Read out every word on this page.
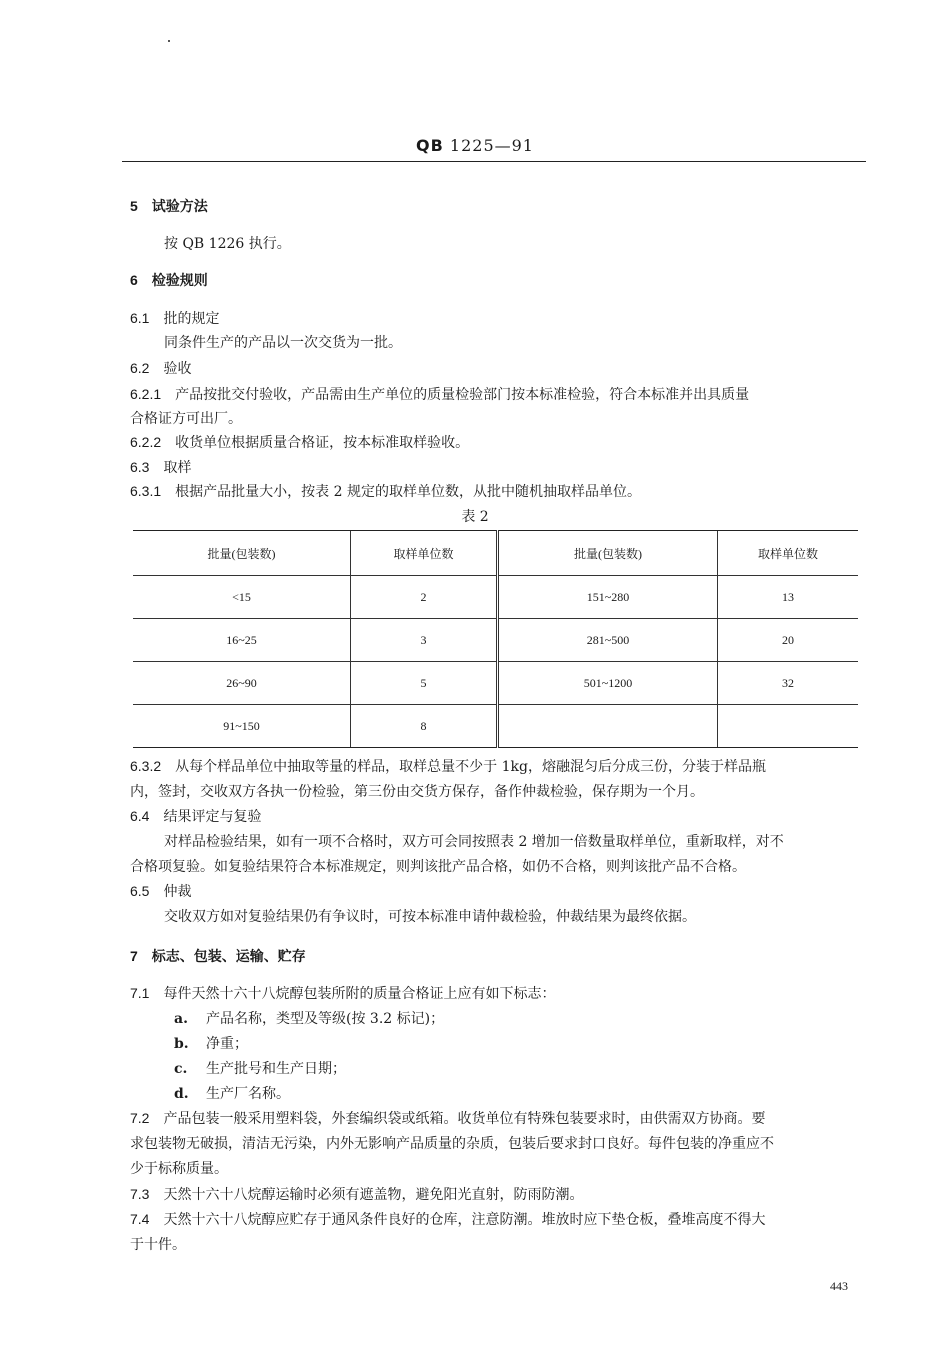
QB 1225—91
5 试验方法
按 QB 1226 执行。
6 检验规则
6.1 批的规定
同条件生产的产品以一次交货为一批。
6.2 验收
6.2.1 产品按批交付验收，产品需由生产单位的质量检验部门按本标准检验，符合本标准并出具质量
合格证方可出厂。
6.2.2 收货单位根据质量合格证，按本标准取样验收。
6.3 取样
6.3.1 根据产品批量大小，按表 2 规定的取样单位数，从批中随机抽取样品单位。
表 2
批量(包装数)	取样单位数	批量(包装数)	取样单位数
<15	2	151~280	13
16~25	3	281~500	20
26~90	5	501~1200	32
91~150	8		
6.3.2 从每个样品单位中抽取等量的样品，取样总量不少于 1kg，熔融混匀后分成三份，分装于样品瓶
内，签封，交收双方各执一份检验，第三份由交货方保存，备作仲裁检验，保存期为一个月。
6.4 结果评定与复验
对样品检验结果，如有一项不合格时，双方可会同按照表 2 增加一倍数量取样单位，重新取样，对不
合格项复验。如复验结果符合本标准规定，则判该批产品合格，如仍不合格，则判该批产品不合格。
6.5 仲裁
交收双方如对复验结果仍有争议时，可按本标准申请仲裁检验，仲裁结果为最终依据。
7 标志、包装、运输、贮存
7.1 每件天然十六十八烷醇包装所附的质量合格证上应有如下标志：
a. 产品名称，类型及等级(按 3.2 标记)；
b. 净重；
c. 生产批号和生产日期；
d. 生产厂名称。
7.2 产品包装一般采用塑料袋，外套编织袋或纸箱。收货单位有特殊包装要求时，由供需双方协商。要
求包装物无破损，清洁无污染，内外无影响产品质量的杂质，包装后要求封口良好。每件包装的净重应不
少于标称质量。
7.3 天然十六十八烷醇运输时必须有遮盖物，避免阳光直射，防雨防潮。
7.4 天然十六十八烷醇应贮存于通风条件良好的仓库，注意防潮。堆放时应下垫仓板，叠堆高度不得大
于十件。
443
